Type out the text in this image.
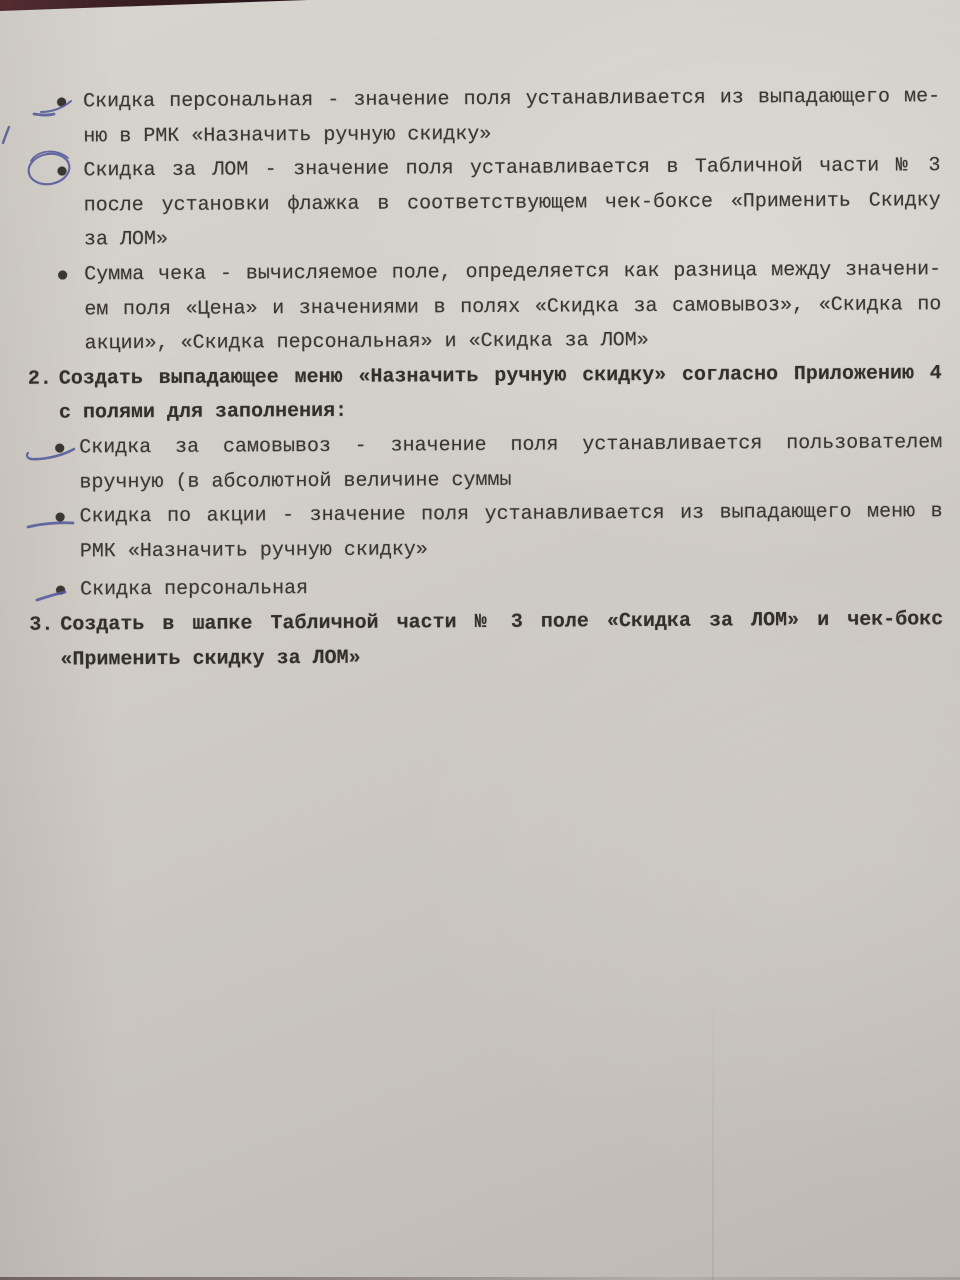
Скидка персональная - значение поля устанавливается из выпадающего ме-
ню в РМК «Назначить ручную скидку»
Скидка за ЛОМ - значение поля устанавливается в Табличной части № 3
после установки флажка в соответствующем чек-боксе «Применить Скидку
за ЛОМ»
Сумма чека - вычисляемое поле, определяется как разница между значени-
ем поля «Цена» и значениями в полях «Скидка за самовывоз», «Скидка по
акции», «Скидка персональная» и «Скидка за ЛОМ»
Создать выпадающее меню «Назначить ручную скидку» согласно Приложению 4
2.
с полями для заполнения:
Скидка за самовывоз - значение поля устанавливается пользователем
вручную (в абсолютной величине суммы
Скидка по акции - значение поля устанавливается из выпадающего меню в
РМК «Назначить ручную скидку»
Скидка персональная
Создать в шапке Табличной части № 3 поле «Скидка за ЛОМ» и чек-бокс
3.
«Применить скидку за ЛОМ»
